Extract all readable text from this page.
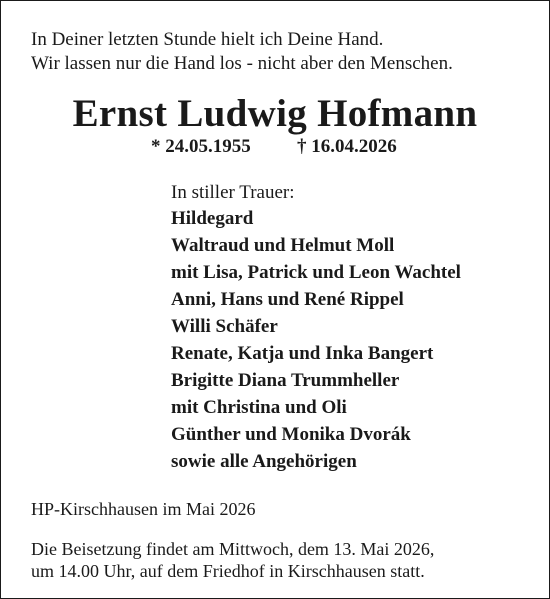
In Deiner letzten Stunde hielt ich Deine Hand.
Wir lassen nur die Hand los - nicht aber den Menschen.
Ernst Ludwig Hofmann
* 24.05.1955 † 16.04.2026
In stiller Trauer:
Hildegard
Waltraud und Helmut Moll
mit Lisa, Patrick und Leon Wachtel
Anni, Hans und René Rippel
Willi Schäfer
Renate, Katja und Inka Bangert
Brigitte Diana Trummheller
mit Christina und Oli
Günther und Monika Dvorák
sowie alle Angehörigen
HP-Kirschhausen im Mai 2026
Die Beisetzung findet am Mittwoch, dem 13. Mai 2026,
um 14.00 Uhr, auf dem Friedhof in Kirschhausen statt.
